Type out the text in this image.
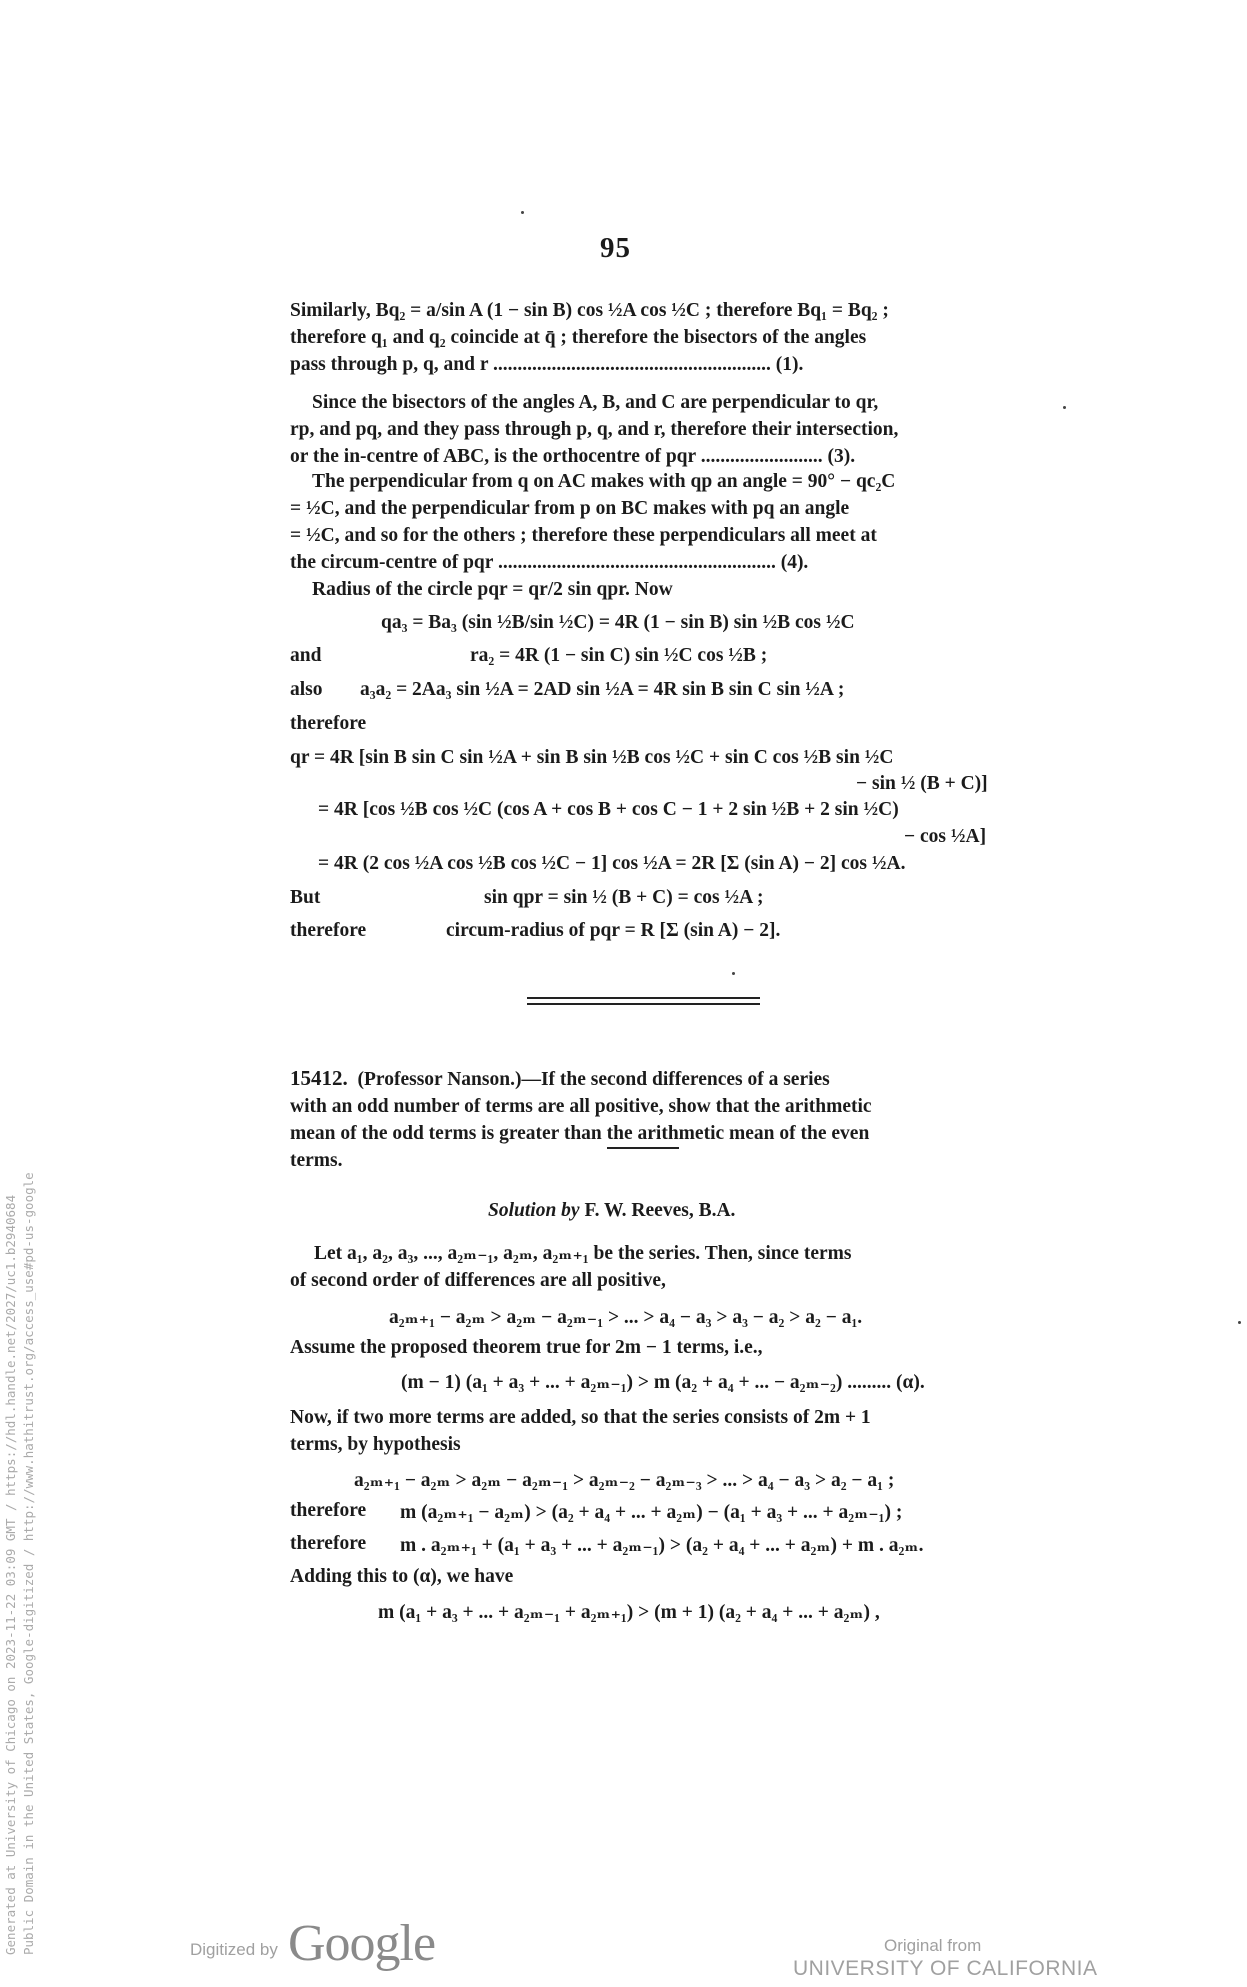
95
Similarly, Bq₂ = a/sin A (1 − sin B) cos ½A cos ½C ; therefore Bq₁ = Bq₂ ;
therefore q₁ and q₂ coincide at q̄ ; therefore the bisectors of the angles
pass through p, q, and r ......................................................... (1).
Since the bisectors of the angles A, B, and C are perpendicular to qr,
rp, and pq, and they pass through p, q, and r, therefore their intersection,
or the in-centre of ABC, is the orthocentre of pqr ......................... (3).
The perpendicular from q on AC makes with qp an angle = 90° − qc₂C
= ½C, and the perpendicular from p on BC makes with pq an angle
= ½C, and so for the others ; therefore these perpendiculars all meet at
the circum-centre of pqr ......................................................... (4).
Radius of the circle pqr = qr/2 sin qpr. Now
qa₃ = Ba₃ (sin ½B/sin ½C) = 4R (1 − sin B) sin ½B cos ½C
and	ra₂ = 4R (1 − sin C) sin ½C cos ½B ;
also a₃a₂ = 2Aa₃ sin ½A = 2AD sin ½A = 4R sin B sin C sin ½A ;
therefore
qr = 4R [sin B sin C sin ½A + sin B sin ½B cos ½C + sin C cos ½B sin ½C
− sin ½ (B + C)]
= 4R [cos ½B cos ½C (cos A + cos B + cos C − 1 + 2 sin ½B + 2 sin ½C)
− cos ½A]
= 4R (2 cos ½A cos ½B cos ½C − 1] cos ½A = 2R [Σ (sin A) − 2] cos ½A.
But	sin qpr = sin ½ (B + C) = cos ½A ;
therefore	circum-radius of pqr = R [Σ (sin A) − 2].
15412. (Professor Nanson.)—If the second differences of a series
with an odd number of terms are all positive, show that the arithmetic
mean of the odd terms is greater than the arithmetic mean of the even
terms.
Solution by F. W. Reeves, B.A.
Let a₁, a₂, a₃, ..., a₂ₘ₋₁, a₂ₘ, a₂ₘ₊₁ be the series. Then, since terms
of second order of differences are all positive,
a₂ₘ₊₁ − a₂ₘ > a₂ₘ − a₂ₘ₋₁ > ... > a₄ − a₃ > a₃ − a₂ > a₂ − a₁.
Assume the proposed theorem true for 2m − 1 terms, i.e.,
(m − 1) (a₁ + a₃ + ... + a₂ₘ₋₁) > m (a₂ + a₄ + ... − a₂ₘ₋₂) ......... (α).
Now, if two more terms are added, so that the series consists of 2m + 1
terms, by hypothesis
a₂ₘ₊₁ − a₂ₘ > a₂ₘ − a₂ₘ₋₁ > a₂ₘ₋₂ − a₂ₘ₋₃ > ... > a₄ − a₃ > a₂ − a₁ ;
therefore m (a₂ₘ₊₁ − a₂ₘ) > (a₂ + a₄ + ... + a₂ₘ) − (a₁ + a₃ + ... + a₂ₘ₋₁) ;
therefore m . a₂ₘ₊₁ + (a₁ + a₃ + ... + a₂ₘ₋₁) > (a₂ + a₄ + ... + a₂ₘ) + m . a₂ₘ.
Adding this to (α), we have
m (a₁ + a₃ + ... + a₂ₘ₋₁ + a₂ₘ₊₁) > (m + 1) (a₂ + a₄ + ... + a₂ₘ) ,
Generated at University of Chicago on 2023-11-22 03:09 GMT / https://hdl.handle.net/2027/uc1.b2940684 Public Domain in the United States, Google-digitized / http://www.hathitrust.org/access_use#pd-us-google	Digitized by Google	Original from
UNIVERSITY OF CALIFORNIA
